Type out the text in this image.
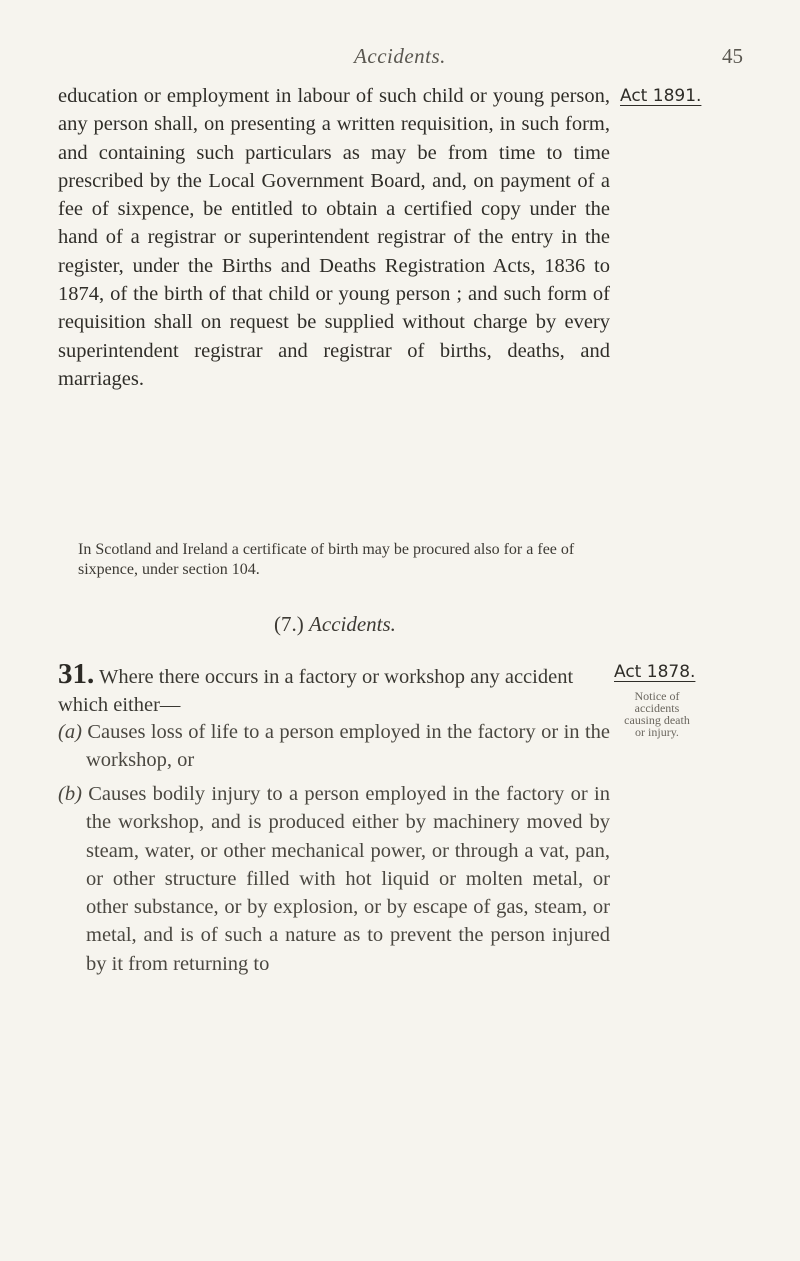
Accidents.	45
Act 1891.
education or employment in labour of such child or young person, any person shall, on presenting a written requisition, in such form, and containing such particulars as may be from time to time prescribed by the Local Government Board, and, on payment of a fee of sixpence, be entitled to obtain a certified copy under the hand of a registrar or superintendent registrar of the entry in the register, under the Births and Deaths Registration Acts, 1836 to 1874, of the birth of that child or young person ; and such form of requisition shall on request be supplied without charge by every superintendent registrar and registrar of births, deaths, and marriages.
In Scotland and Ireland a certificate of birth may be procured also for a fee of sixpence, under section 104.
(7.) Accidents.
Act 1878.
Notice of accidents causing death or injury.
31. Where there occurs in a factory or workshop any accident which either—
(a) Causes loss of life to a person employed in the factory or in the workshop, or
(b) Causes bodily injury to a person employed in the factory or in the workshop, and is produced either by machinery moved by steam, water, or other mechanical power, or through a vat, pan, or other structure filled with hot liquid or molten metal, or other substance, or by explosion, or by escape of gas, steam, or metal, and is of such a nature as to prevent the person injured by it from returning to
